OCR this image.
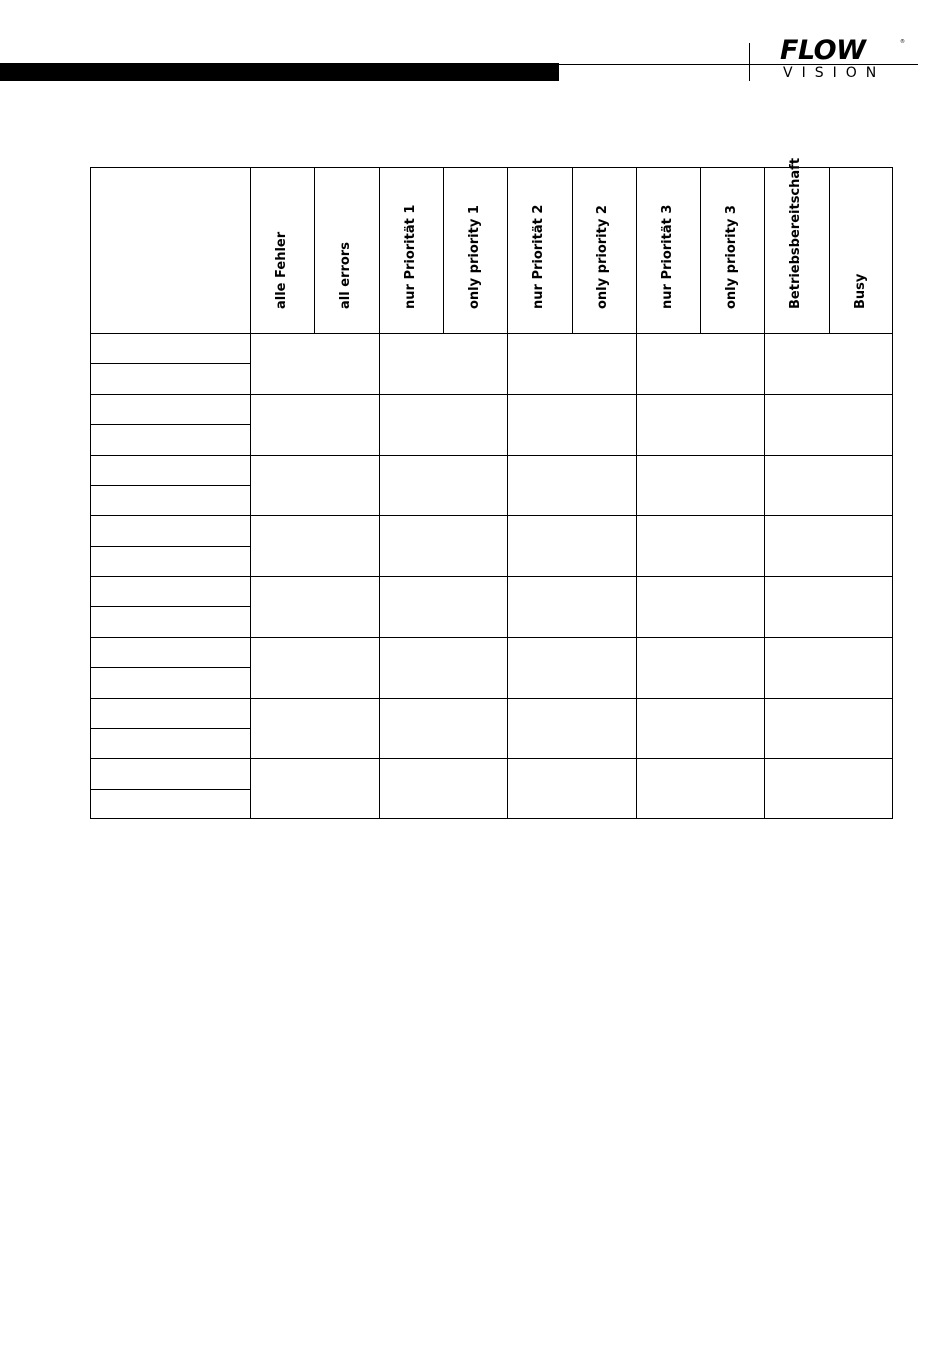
FLOW	®
VISION
alle Fehler	all errors	nur Priorität 1	only priority 1	nur Priorität 2	only priority 2	nur Priorität 3	only priority 3	Betriebsbereitschaft	Busy
